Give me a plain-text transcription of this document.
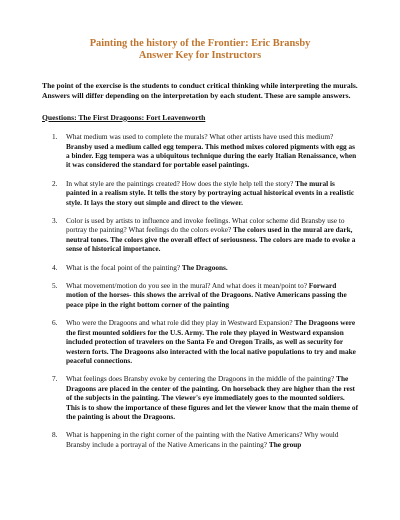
Painting the history of the Frontier: Eric Bransby
Answer Key for Instructors

The point of the exercise is the students to conduct critical thinking while interpreting the murals. Answers will differ depending on the interpretation by each student. These are sample answers.

Questions: The First Dragoons: Fort Leavenworth

1. What medium was used to complete the murals? What other artists have used this medium? Bransby used a medium called egg tempera. This method mixes colored pigments with egg as a binder. Egg tempera was a ubiquitous technique during the early Italian Renaissance, when it was considered the standard for portable easel paintings.
2. In what style are the paintings created? How does the style help tell the story? The mural is painted in a realism style. It tells the story by portraying actual historical events in a realistic style. It lays the story out simple and direct to the viewer.
3. Color is used by artists to influence and invoke feelings. What color scheme did Bransby use to portray the painting? What feelings do the colors evoke? The colors used in the mural are dark, neutral tones. The colors give the overall effect of seriousness. The colors are made to evoke a sense of historical importance.
4. What is the focal point of the painting? The Dragoons.
5. What movement/motion do you see in the mural? And what does it mean/point to? Forward motion of the horses- this shows the arrival of the Dragoons. Native Americans passing the peace pipe in the right bottom corner of the painting
6. Who were the Dragoons and what role did they play in Westward Expansion? The Dragoons were the first mounted soldiers for the U.S. Army. The role they played in Westward expansion included protection of travelers on the Santa Fe and Oregon Trails, as well as security for western forts. The Dragoons also interacted with the local native populations to try and make peaceful connections.
7. What feelings does Bransby evoke by centering the Dragoons in the middle of the painting? The Dragoons are placed in the center of the painting. On horseback they are higher than the rest of the subjects in the painting. The viewer's eye immediately goes to the mounted soldiers. This is to show the importance of these figures and let the viewer know that the main theme of the painting is about the Dragoons.
8. What is happening in the right corner of the painting with the Native Americans? Why would Bransby include a portrayal of the Native Americans in the painting? The group
